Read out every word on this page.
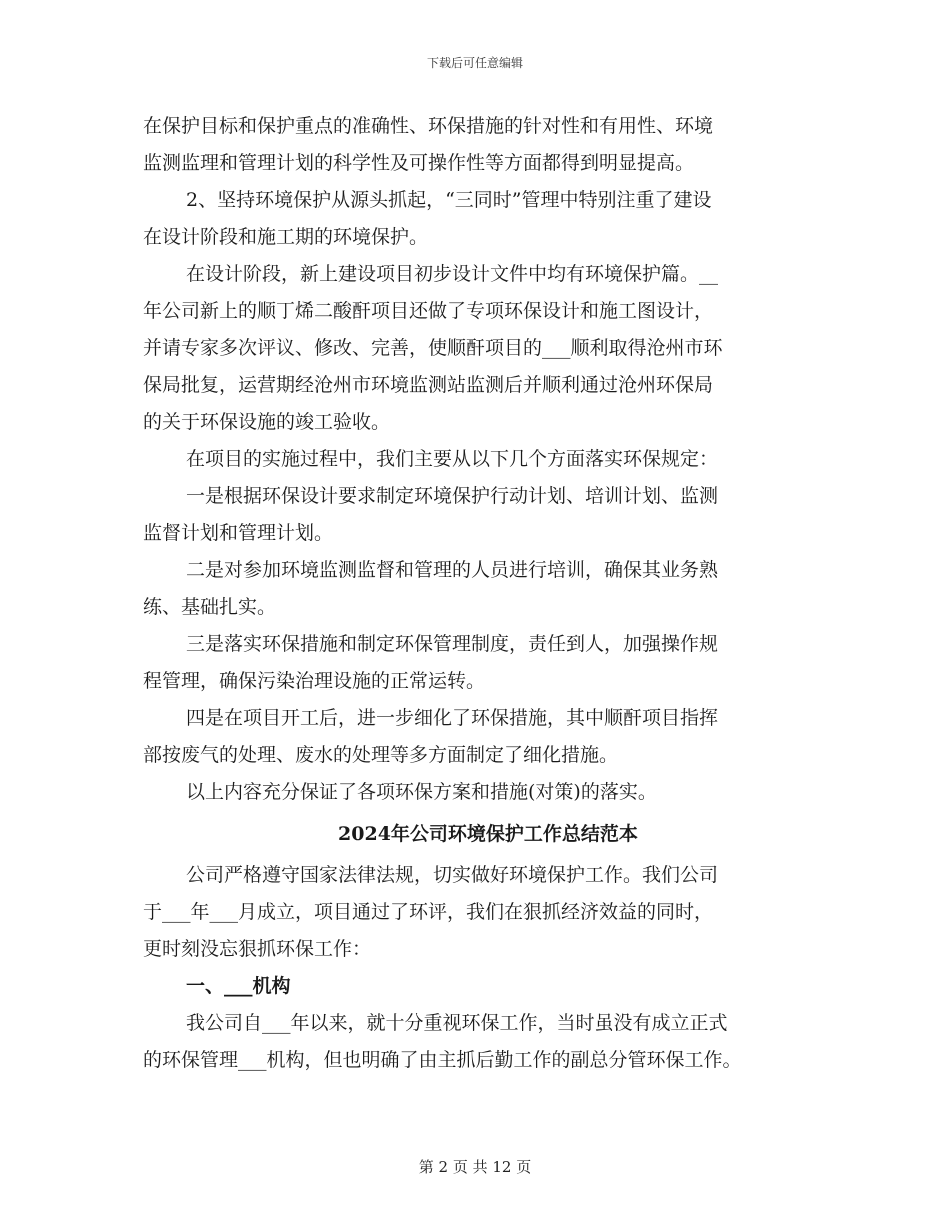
下载后可任意编辑
在保护目标和保护重点的准确性、环保措施的针对性和有用性、环境
监测监理和管理计划的科学性及可操作性等方面都得到明显提高。
2、坚持环境保护从源头抓起，“三同时”管理中特别注重了建设
在设计阶段和施工期的环境保护。
在设计阶段，新上建设项目初步设计文件中均有环境保护篇。__
年公司新上的顺丁烯二酸酐项目还做了专项环保设计和施工图设计，
并请专家多次评议、修改、完善，使顺酐项目的___顺利取得沧州市环
保局批复，运营期经沧州市环境监测站监测后并顺利通过沧州环保局
的关于环保设施的竣工验收。
在项目的实施过程中，我们主要从以下几个方面落实环保规定：
一是根据环保设计要求制定环境保护行动计划、培训计划、监测
监督计划和管理计划。
二是对参加环境监测监督和管理的人员进行培训，确保其业务熟
练、基础扎实。
三是落实环保措施和制定环保管理制度，责任到人，加强操作规
程管理，确保污染治理设施的正常运转。
四是在项目开工后，进一步细化了环保措施，其中顺酐项目指挥
部按废气的处理、废水的处理等多方面制定了细化措施。
以上内容充分保证了各项环保方案和措施(对策)的落实。
2024年公司环境保护工作总结范本
公司严格遵守国家法律法规，切实做好环境保护工作。我们公司
于___年___月成立，项目通过了环评，我们在狠抓经济效益的同时，
更时刻没忘狠抓环保工作：
一、___机构
我公司自___年以来，就十分重视环保工作，当时虽没有成立正式
的环保管理___机构，但也明确了由主抓后勤工作的副总分管环保工作。
第 2 页 共 12 页
